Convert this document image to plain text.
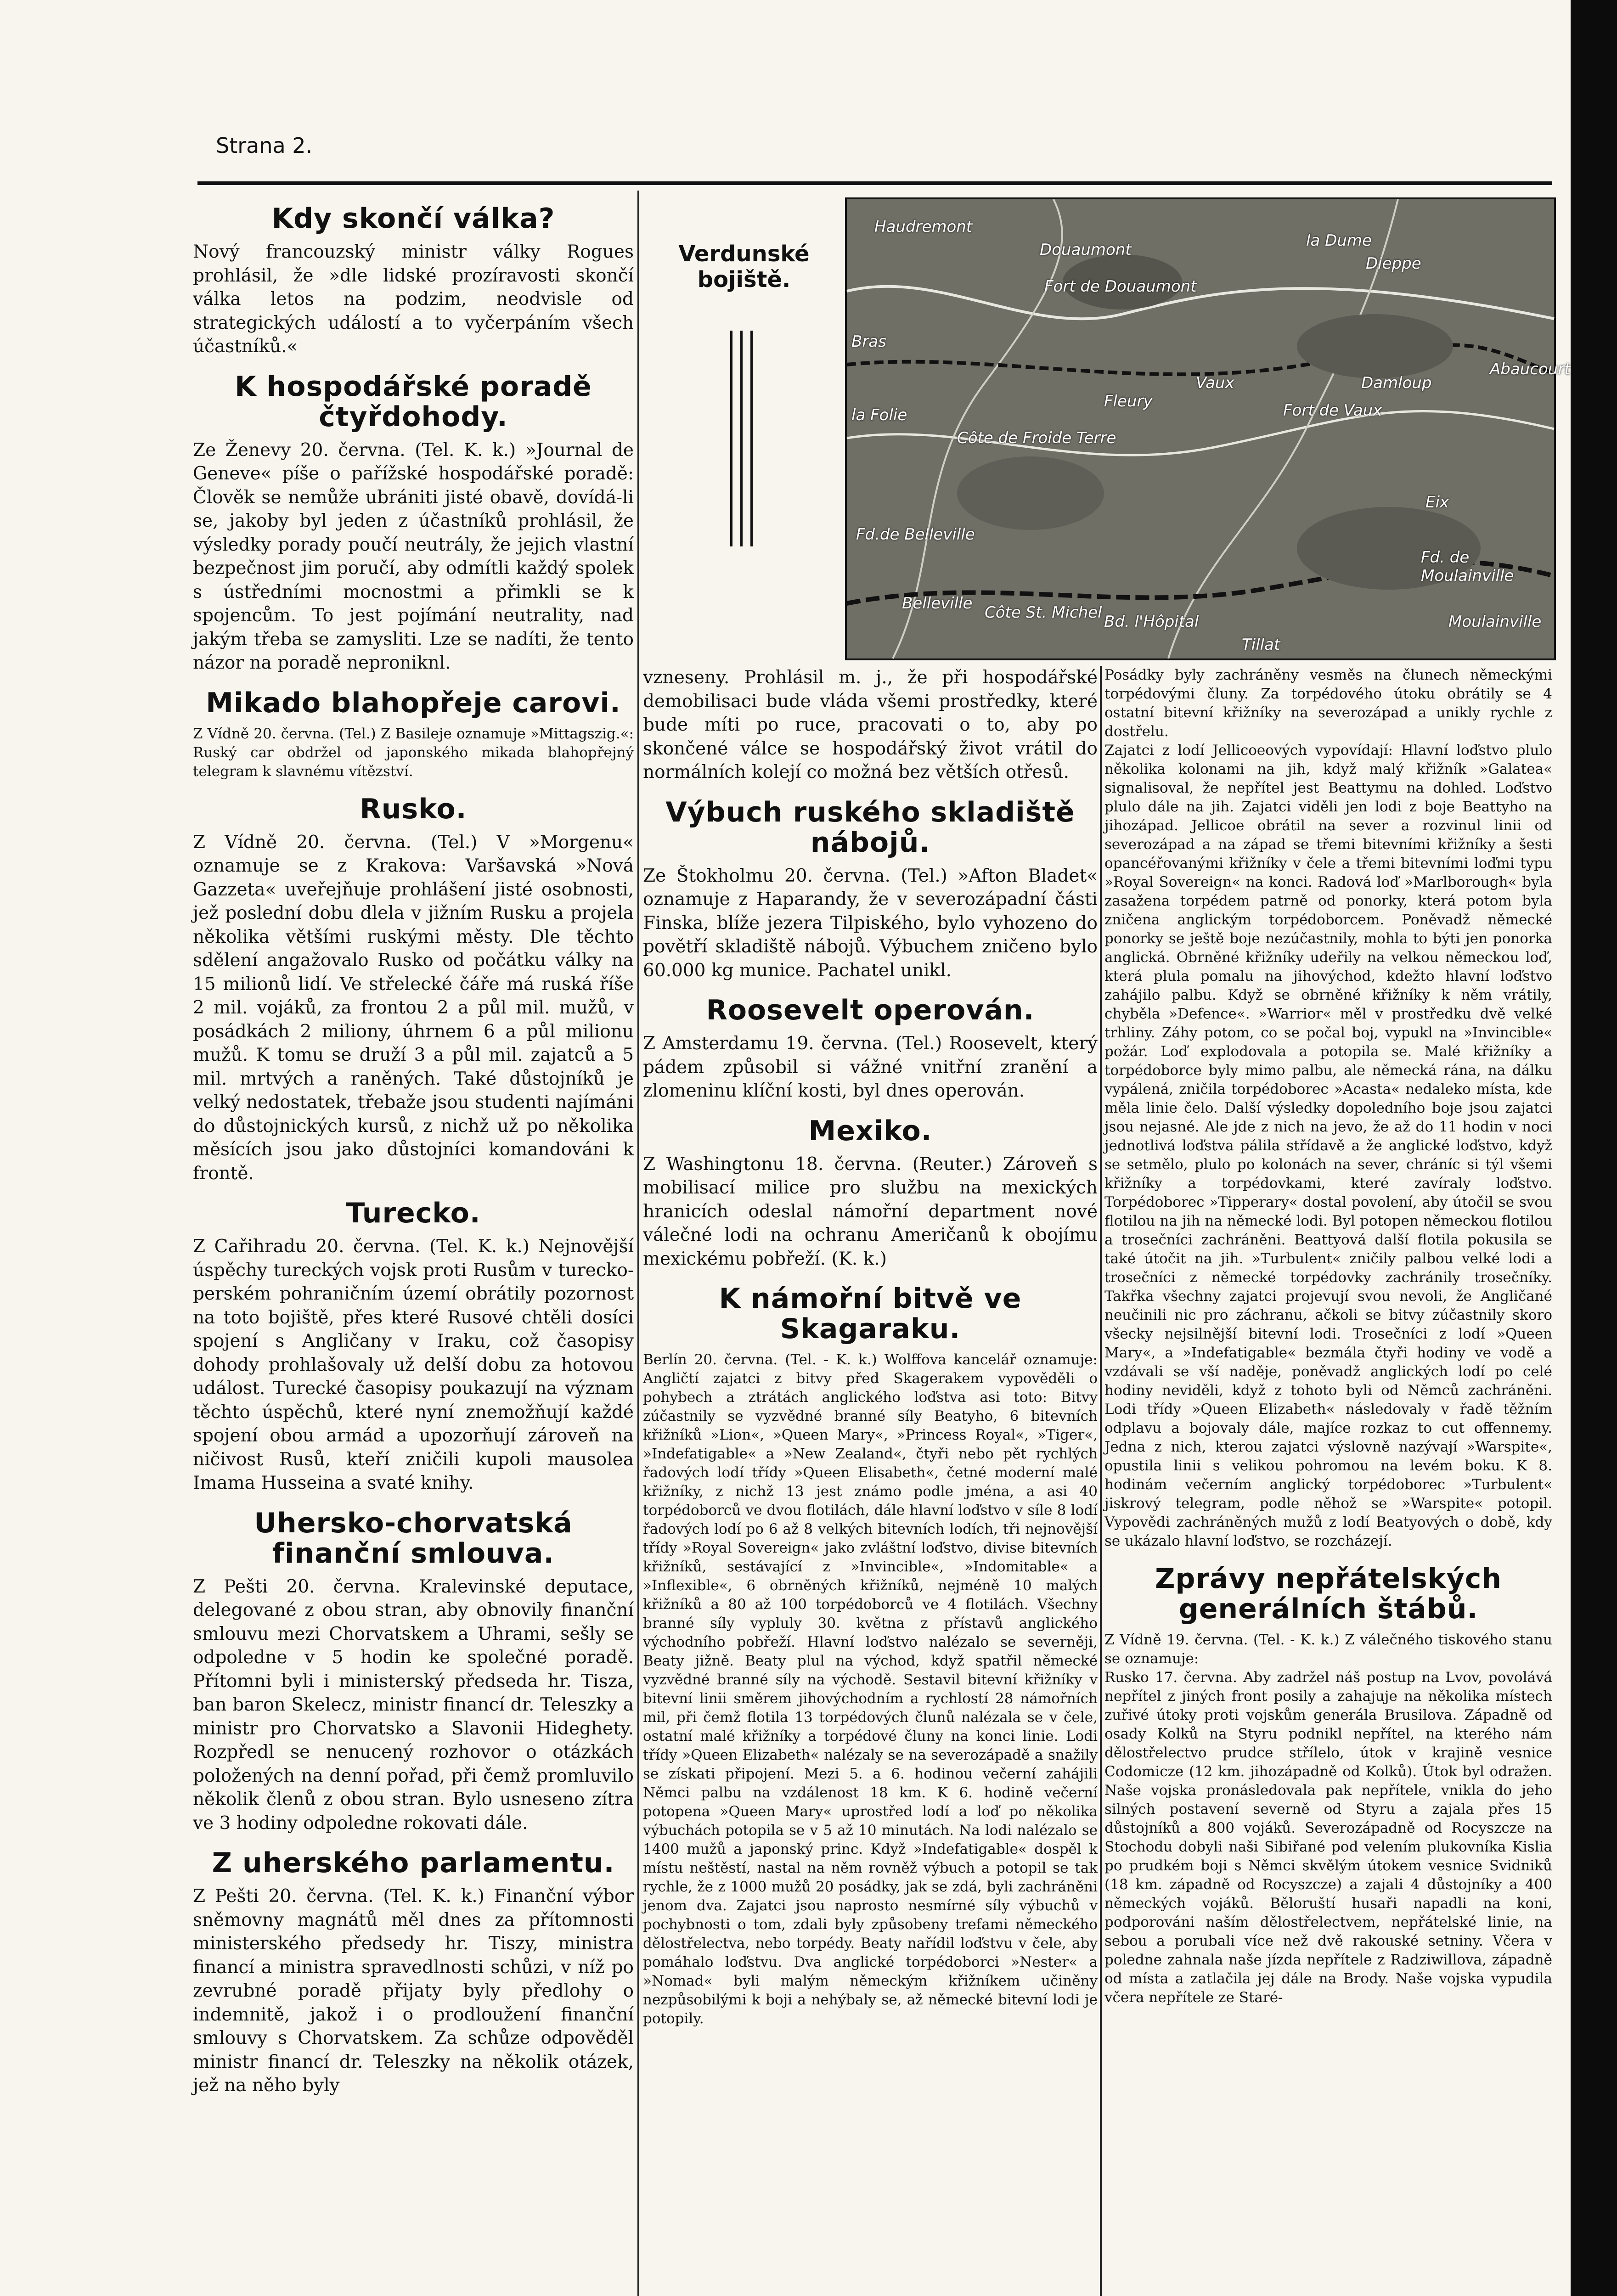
Strana 2.
Kdy skončí válka?

Nový francouzský ministr války Rogues prohlásil, že »dle lidské prozíravosti skončí válka letos na podzim, neodvisle od strategických událostí a to vyčerpáním všech účastníků.«

K hospodářské poradě čtyřdohody.

Ze Ženevy 20. června. (Tel. K. k.) »Journal de Geneve« píše o pařížské hospodářské poradě: Člověk se nemůže ubrániti jisté obavě, dovídá-li se, jakoby byl jeden z účastníků prohlásil, že výsledky porady poučí neutrály, že jejich vlastní bezpečnost jim poručí, aby odmítli každý spolek s ústředními mocnostmi a přimkli se k spojencům. To jest pojímání neutrality, nad jakým třeba se zamysliti. Lze se nadíti, že tento názor na poradě neproniknl.

Mikado blahopřeje carovi.

Z Vídně 20. června. (Tel.) Z Basileje oznamuje »Mittagszig.«: Ruský car obdržel od japonského mikada blahopřejný telegram k slavnému vítězství.

Rusko.

Z Vídně 20. června. (Tel.) V »Morgenu« oznamuje se z Krakova: Varšavská »Nová Gazzeta« uveřejňuje prohlášení jisté osobnosti, jež poslední dobu dlela v jižním Rusku a projela několika většími ruskými městy. Dle těchto sdělení angažovalo Rusko od počátku války na 15 milionů lidí. Ve střelecké čáře má ruská říše 2 mil. vojáků, za frontou 2 a půl mil. mužů, v posádkách 2 miliony, úhrnem 6 a půl milionu mužů. K tomu se druží 3 a půl mil. zajatců a 5 mil. mrtvých a raněných. Také důstojníků je velký nedostatek, třebaže jsou studenti najímáni do důstojnických kursů, z nichž už po několika měsících jsou jako důstojníci komandováni k frontě.

Turecko.

Z Cařihradu 20. června. (Tel. K. k.) Nejnovější úspěchy tureckých vojsk proti Rusům v turecko-perském pohraničním území obrátily pozornost na toto bojiště, přes které Rusové chtěli dosíci spojení s Angličany v Iraku, což časopisy dohody prohlašovaly už delší dobu za hotovou událost. Turecké časopisy poukazují na význam těchto úspěchů, které nyní znemožňují každé spojení obou armád a upozorňují zároveň na ničivost Rusů, kteří zničili kupoli mausolea Imama Husseina a svaté knihy.

Uhersko-chorvatská finanční smlouva.

Z Pešti 20. června. Kralevinské deputace, delegované z obou stran, aby obnovily finanční smlouvu mezi Chorvatskem a Uhrami, sešly se odpoledne v 5 hodin ke společné poradě. Přítomni byli i ministerský předseda hr. Tisza, ban baron Skelecz, ministr financí dr. Teleszky a ministr pro Chorvatsko a Slavonii Hideghety. Rozpředl se nenucený rozhovor o otázkách položených na denní pořad, při čemž promluvilo několik členů z obou stran. Bylo usneseno zítra ve 3 hodiny odpoledne rokovati dále.

Z uherského parlamentu.

Z Pešti 20. června. (Tel. K. k.) Finanční výbor sněmovny magnátů měl dnes za přítomnosti ministerského předsedy hr. Tiszy, ministra financí a ministra spravedlnosti schůzi, v níž po zevrubné poradě přijaty byly předlohy o indemnitě, jakož i o prodloužení finanční smlouvy s Chorvatskem. Za schůze odpověděl ministr financí dr. Teleszky na několik otázek, jež na něho byly

Verdunské bojiště.
Haudremont
Douaumont
Fort de Douaumont
la Dume
Dieppe
Bras
la Folie
Côte de Froide Terre
Fleury
Damloup
Vaux
Fort de Vaux
Eix
Fd.de Belleville
Belleville Côte St. Michel Bd. l'Hôpital
Fd. de Moulainville
Moulainville
Tillat
Abaucourt

vzneseny. Prohlásil m. j., že při hospodářské demobilisaci bude vláda všemi prostředky, které bude míti po ruce, pracovati o to, aby po skončené válce se hospodářský život vrátil do normálních kolejí co možná bez větších otřesů.

Výbuch ruského skladiště nábojů.

Ze Štokholmu 20. června. (Tel.) »Afton Bladet« oznamuje z Haparandy, že v severozápadní části Finska, blíže jezera Tilpiského, bylo vyhozeno do povětří skladiště nábojů. Výbuchem zničeno bylo 60.000 kg munice. Pachatel unikl.

Roosevelt operován.

Z Amsterdamu 19. června. (Tel.) Roosevelt, který pádem způsobil si vážné vnitřní zranění a zlomeninu klíční kosti, byl dnes operován.

Mexiko.

Z Washingtonu 18. června. (Reuter.) Zároveň s mobilisací milice pro službu na mexických hranicích odeslal námořní department nové válečné lodi na ochranu Američanů k obojímu mexickému pobřeží. (K. k.)

K námořní bitvě ve Skagaraku.

Berlín 20. června. (Tel. - K. k.) Wolffova kancelář oznamuje: Angličtí zajatci z bitvy před Skagerakem vypověděli o pohybech a ztrátách anglického loďstva asi toto: Bitvy zúčastnily se vyzvědné branné síly Beatyho, 6 bitevních křižníků »Lion«, »Queen Mary«, »Princess Royal«, »Tiger«, »Indefatigable« a »New Zealand«, čtyři nebo pět rychlých řadových lodí třídy »Queen Elisabeth«, četné moderní malé křižníky, z nichž 13 jest známo podle jména, a asi 40 torpédoborců ve dvou flotilách, dále hlavní loďstvo v síle 8 lodí řadových lodí po 6 až 8 velkých bitevních lodích, tři nejnovější třídy »Royal Sovereign« jako zvláštní loďstvo, divise bitevních křižníků, sestávající z »Invincible«, »Indomitable« a »Inflexible«, 6 obrněných křižníků, nejméně 10 malých křižníků a 80 až 100 torpédoborců ve 4 flotilách. Všechny branné síly vypluly 30. května z přístavů anglického východního pobřeží. Hlavní loďstvo nalézalo se severněji, Beaty jižně. Beaty plul na východ, když spatřil německé vyzvědné branné síly na východě. Sestavil bitevní křižníky v bitevní linii směrem jihovýchodním a rychlostí 28 námořních mil, při čemž flotila 13 torpédových člunů nalézala se v čele, ostatní malé křižníky a torpédové čluny na konci linie. Lodi třídy »Queen Elizabeth« nalézaly se na severozápadě a snažily se získati připojení. Mezi 5. a 6. hodinou večerní zahájili Němci palbu na vzdálenost 18 km. K 6. hodině večerní potopena »Queen Mary« uprostřed lodí a loď po několika výbuchách potopila se v 5 až 10 minutách. Na lodi nalézalo se 1400 mužů a japonský princ. Když »Indefatigable« dospěl k místu neštěstí, nastal na něm rovněž výbuch a potopil se tak rychle, že z 1000 mužů 20 posádky, jak se zdá, byli zachráněni jenom dva. Zajatci jsou naprosto nesmírné síly výbuchů v pochybnosti o tom, zdali byly způsobeny trefami německého dělostřelectva, nebo torpédy. Beaty nařídil loďstvu v čele, aby pomáhalo loďstvu. Dva anglické torpédoborci »Nester« a »Nomad« byli malým německým křižníkem učiněny nezpůsobilými k boji a nehýbaly se, až německé bitevní lodi je potopily.

Posádky byly zachráněny vesměs na člunech německými torpédovými čluny. Za torpédového útoku obrátily se 4 ostatní bitevní křižníky na severozápad a unikly rychle z dostřelu.

Zajatci z lodí Jellicoeových vypovídají: Hlavní loďstvo plulo několika kolonami na jih, když malý křižník »Galatea« signalisoval, že nepřítel jest Beattymu na dohled. Loďstvo plulo dále na jih. Zajatci viděli jen lodi z boje Beattyho na jihozápad. Jellicoe obrátil na sever a rozvinul linii od severozápad a na západ se třemi bitevními křižníky a šesti opancéřovanými křižníky v čele a třemi bitevními loďmi typu »Royal Sovereign« na konci. Radová loď »Marlborough« byla zasažena torpédem patrně od ponorky, která potom byla zničena anglickým torpédoborcem. Poněvadž německé ponorky se ještě boje nezúčastnily, mohla to býti jen ponorka anglická. Obrněné křižníky udeřily na velkou německou loď, která plula pomalu na jihovýchod, kdežto hlavní loďstvo zahájilo palbu. Když se obrněné křižníky k něm vrátily, chyběla »Defence«. »Warrior« měl v prostředku dvě velké trhliny. Záhy potom, co se počal boj, vypukl na »Invincible« požár. Loď explodovala a potopila se. Malé křižníky a torpédoborce byly mimo palbu, ale německá rána, na dálku vypálená, zničila torpédoborec »Acasta« nedaleko místa, kde měla linie čelo. Další výsledky dopoledního boje jsou zajatci jsou nejasné. Ale jde z nich na jevo, že až do 11 hodin v noci jednotlivá loďstva pálila střídavě a že anglické loďstvo, když se setmělo, plulo po kolonách na sever, chráníc si týl všemi křižníky a torpédovkami, které zavíraly loďstvo. Torpédoborec »Tipperary« dostal povolení, aby útočil se svou flotilou na jih na německé lodi. Byl potopen německou flotilou a trosečníci zachráněni. Beattyová další flotila pokusila se také útočit na jih. »Turbulent« zničily palbou velké lodi a trosečníci z německé torpédovky zachránily trosečníky. Takřka všechny zajatci projevují svou nevoli, že Angličané neučinili nic pro záchranu, ačkoli se bitvy zúčastnily skoro všecky nejsilnější bitevní lodi. Trosečníci z lodí »Queen Mary«, a »Indefatigable« bezmála čtyři hodiny ve vodě a vzdávali se vší naděje, poněvadž anglických lodí po celé hodiny neviděli, když z tohoto byli od Němců zachráněni. Lodi třídy »Queen Elizabeth« následovaly v řadě těžním odplavu a bojovaly dále, majíce rozkaz to cut offennemy. Jedna z nich, kterou zajatci výslovně nazývají »Warspite«, opustila linii s velikou pohromou na levém boku. K 8. hodinám večerním anglický torpédoborec »Turbulent« jiskrový telegram, podle něhož se »Warspite« potopil. Vypovědi zachráněných mužů z lodí Beatyových o době, kdy se ukázalo hlavní loďstvo, se rozcházejí.

Zprávy nepřátelských generálních štábů.

Z Vídně 19. června. (Tel. - K. k.) Z válečného tiskového stanu se oznamuje:

Rusko 17. června. Aby zadržel náš postup na Lvov, povolává nepřítel z jiných front posily a zahajuje na několika místech zuřivé útoky proti vojskům generála Brusilova. Západně od osady Kolků na Styru podnikl nepřítel, na kterého nám dělostřelectvo prudce střílelo, útok v krajině vesnice Codomicze (12 km. jihozápadně od Kolků). Útok byl odražen. Naše vojska pronásledovala pak nepřítele, vnikla do jeho silných postavení severně od Styru a zajala přes 15 důstojníků a 800 vojáků. Severozápadně od Rocyszcze na Stochodu dobyli naši Sibiřané pod velením plukovníka Kislia po prudkém boji s Němci skvělým útokem vesnice Svidniků (18 km. západně od Rocyszcze) a zajali 4 důstojníky a 400 německých vojáků. Běloruští husaři napadli na koni, podporováni naším dělostřelectvem, nepřátelské linie, na sebou a porubali více než dvě rakouské setniny. Včera v poledne zahnala naše jízda nepřítele z Radziwillova, západně od místa a zatlačila jej dále na Brody. Naše vojska vypudila včera nepřítele ze Staré-
